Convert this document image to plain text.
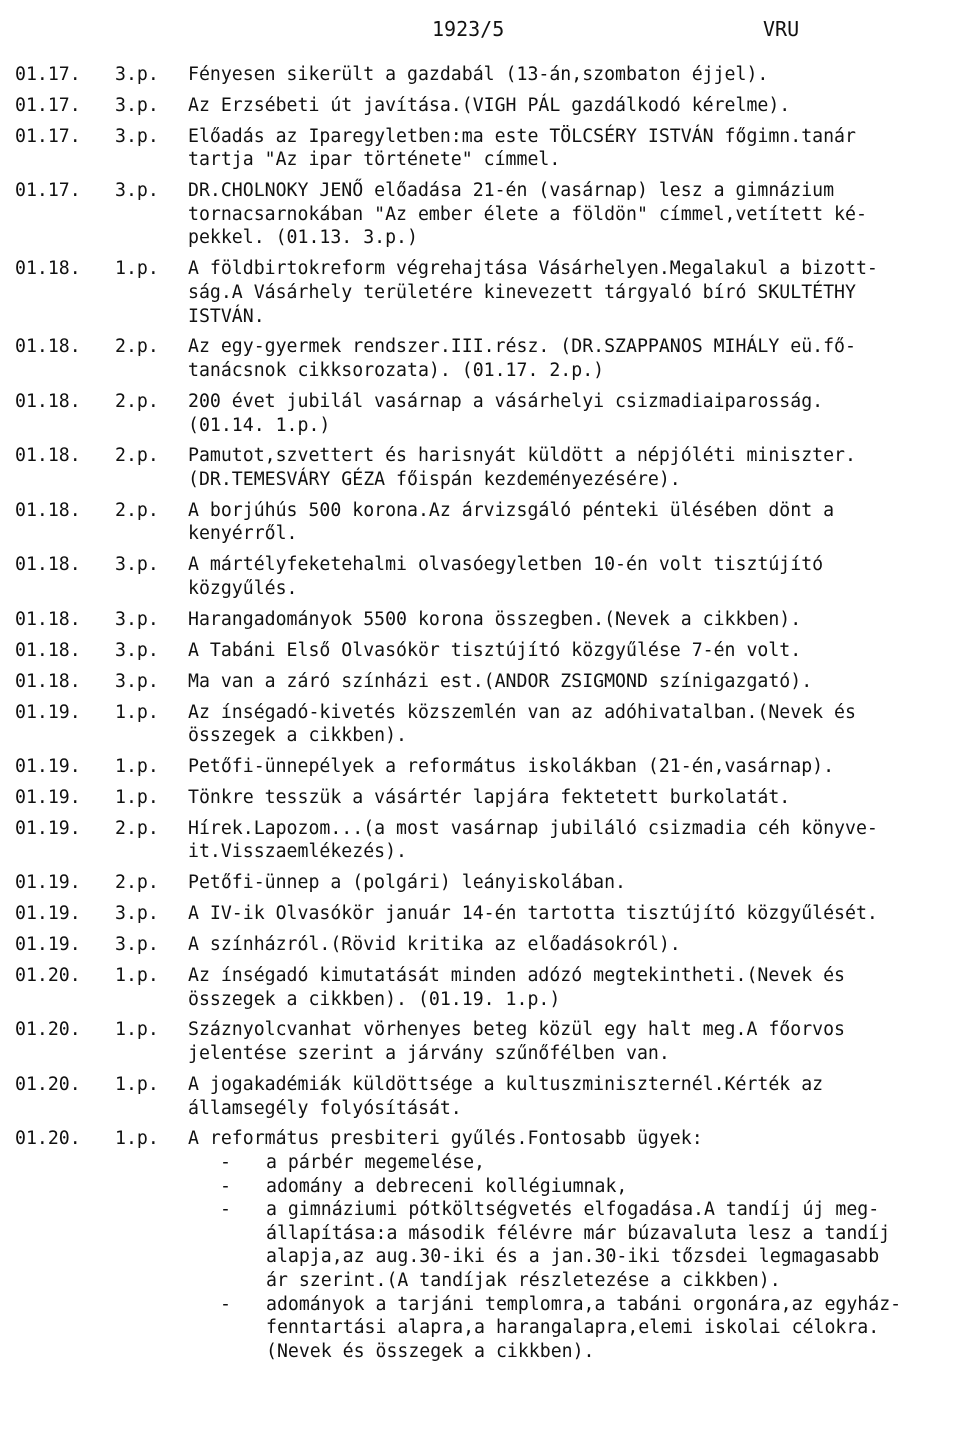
1923/5	VRU
01.17.	3.p.	Fényesen sikerült a gazdabál (13-án,szombaton éjjel).
01.17.	3.p.	Az Erzsébeti út javítása.(VIGH PÁL gazdálkodó kérelme).
01.17.	3.p.	Előadás az Iparegyletben:ma este TÖLCSÉRY ISTVÁN főgimn.tanár
tartja "Az ipar története" címmel.
01.17.	3.p.	DR.CHOLNOKY JENŐ előadása 21-én (vasárnap) lesz a gimnázium
tornacsarnokában "Az ember élete a földön" címmel,vetített ké-
pekkel. (01.13. 3.p.)
01.18.	1.p.	A földbirtokreform végrehajtása Vásárhelyen.Megalakul a bizott-
ság.A Vásárhely területére kinevezett tárgyaló bíró SKULTÉTHY
ISTVÁN.
01.18.	2.p.	Az egy-gyermek rendszer.III.rész. (DR.SZAPPANOS MIHÁLY eü.fő-
tanácsnok cikksorozata). (01.17. 2.p.)
01.18.	2.p.	200 évet jubilál vasárnap a vásárhelyi csizmadiaiparosság.
(01.14. 1.p.)
01.18.	2.p.	Pamutot,szvettert és harisnyát küldött a népjóléti miniszter.
(DR.TEMESVÁRY GÉZA főispán kezdeményezésére).
01.18.	2.p.	A borjúhús 500 korona.Az árvizsgáló pénteki ülésében dönt a
kenyérről.
01.18.	3.p.	A mártélyfeketehalmi olvasóegyletben 10-én volt tisztújító
közgyűlés.
01.18.	3.p.	Harangadományok 5500 korona összegben.(Nevek a cikkben).
01.18.	3.p.	A Tabáni Első Olvasókör tisztújító közgyűlése 7-én volt.
01.18.	3.p.	Ma van a záró színházi est.(ANDOR ZSIGMOND színigazgató).
01.19.	1.p.	Az ínségadó-kivetés közszemlén van az adóhivatalban.(Nevek és
összegek a cikkben).
01.19.	1.p.	Petőfi-ünnepélyek a református iskolákban (21-én,vasárnap).
01.19.	1.p.	Tönkre tesszük a vásártér lapjára fektetett burkolatát.
01.19.	2.p.	Hírek.Lapozom...(a most vasárnap jubiláló csizmadia céh könyve-
it.Visszaemlékezés).
01.19.	2.p.	Petőfi-ünnep a (polgári) leányiskolában.
01.19.	3.p.	A IV-ik Olvasókör január 14-én tartotta tisztújító közgyűlését.
01.19.	3.p.	A színházról.(Rövid kritika az előadásokról).
01.20.	1.p.	Az ínségadó kimutatását minden adózó megtekintheti.(Nevek és
összegek a cikkben). (01.19. 1.p.)
01.20.	1.p.	Száznyolcvanhat vörhenyes beteg közül egy halt meg.A főorvos
jelentése szerint a járvány szűnőfélben van.
01.20.	1.p.	A jogakadémiák küldöttsége a kultuszminiszternél.Kérték az
államsegély folyósítását.
01.20.	1.p.	A református presbiteri gyűlés.Fontosabb ügyek:
- a párbér megemelése,
- adomány a debreceni kollégiumnak,
- a gimnáziumi pótköltségvetés elfogadása.A tandíj új meg-
állapítása:a második félévre már búzavaluta lesz a tandíj
alapja,az aug.30-iki és a jan.30-iki tőzsdei legmagasabb
ár szerint.(A tandíjak részletezése a cikkben).
- adományok a tarjáni templomra,a tabáni orgonára,az egyház-
fenntartási alapra,a harangalapra,elemi iskolai célokra.
(Nevek és összegek a cikkben).
